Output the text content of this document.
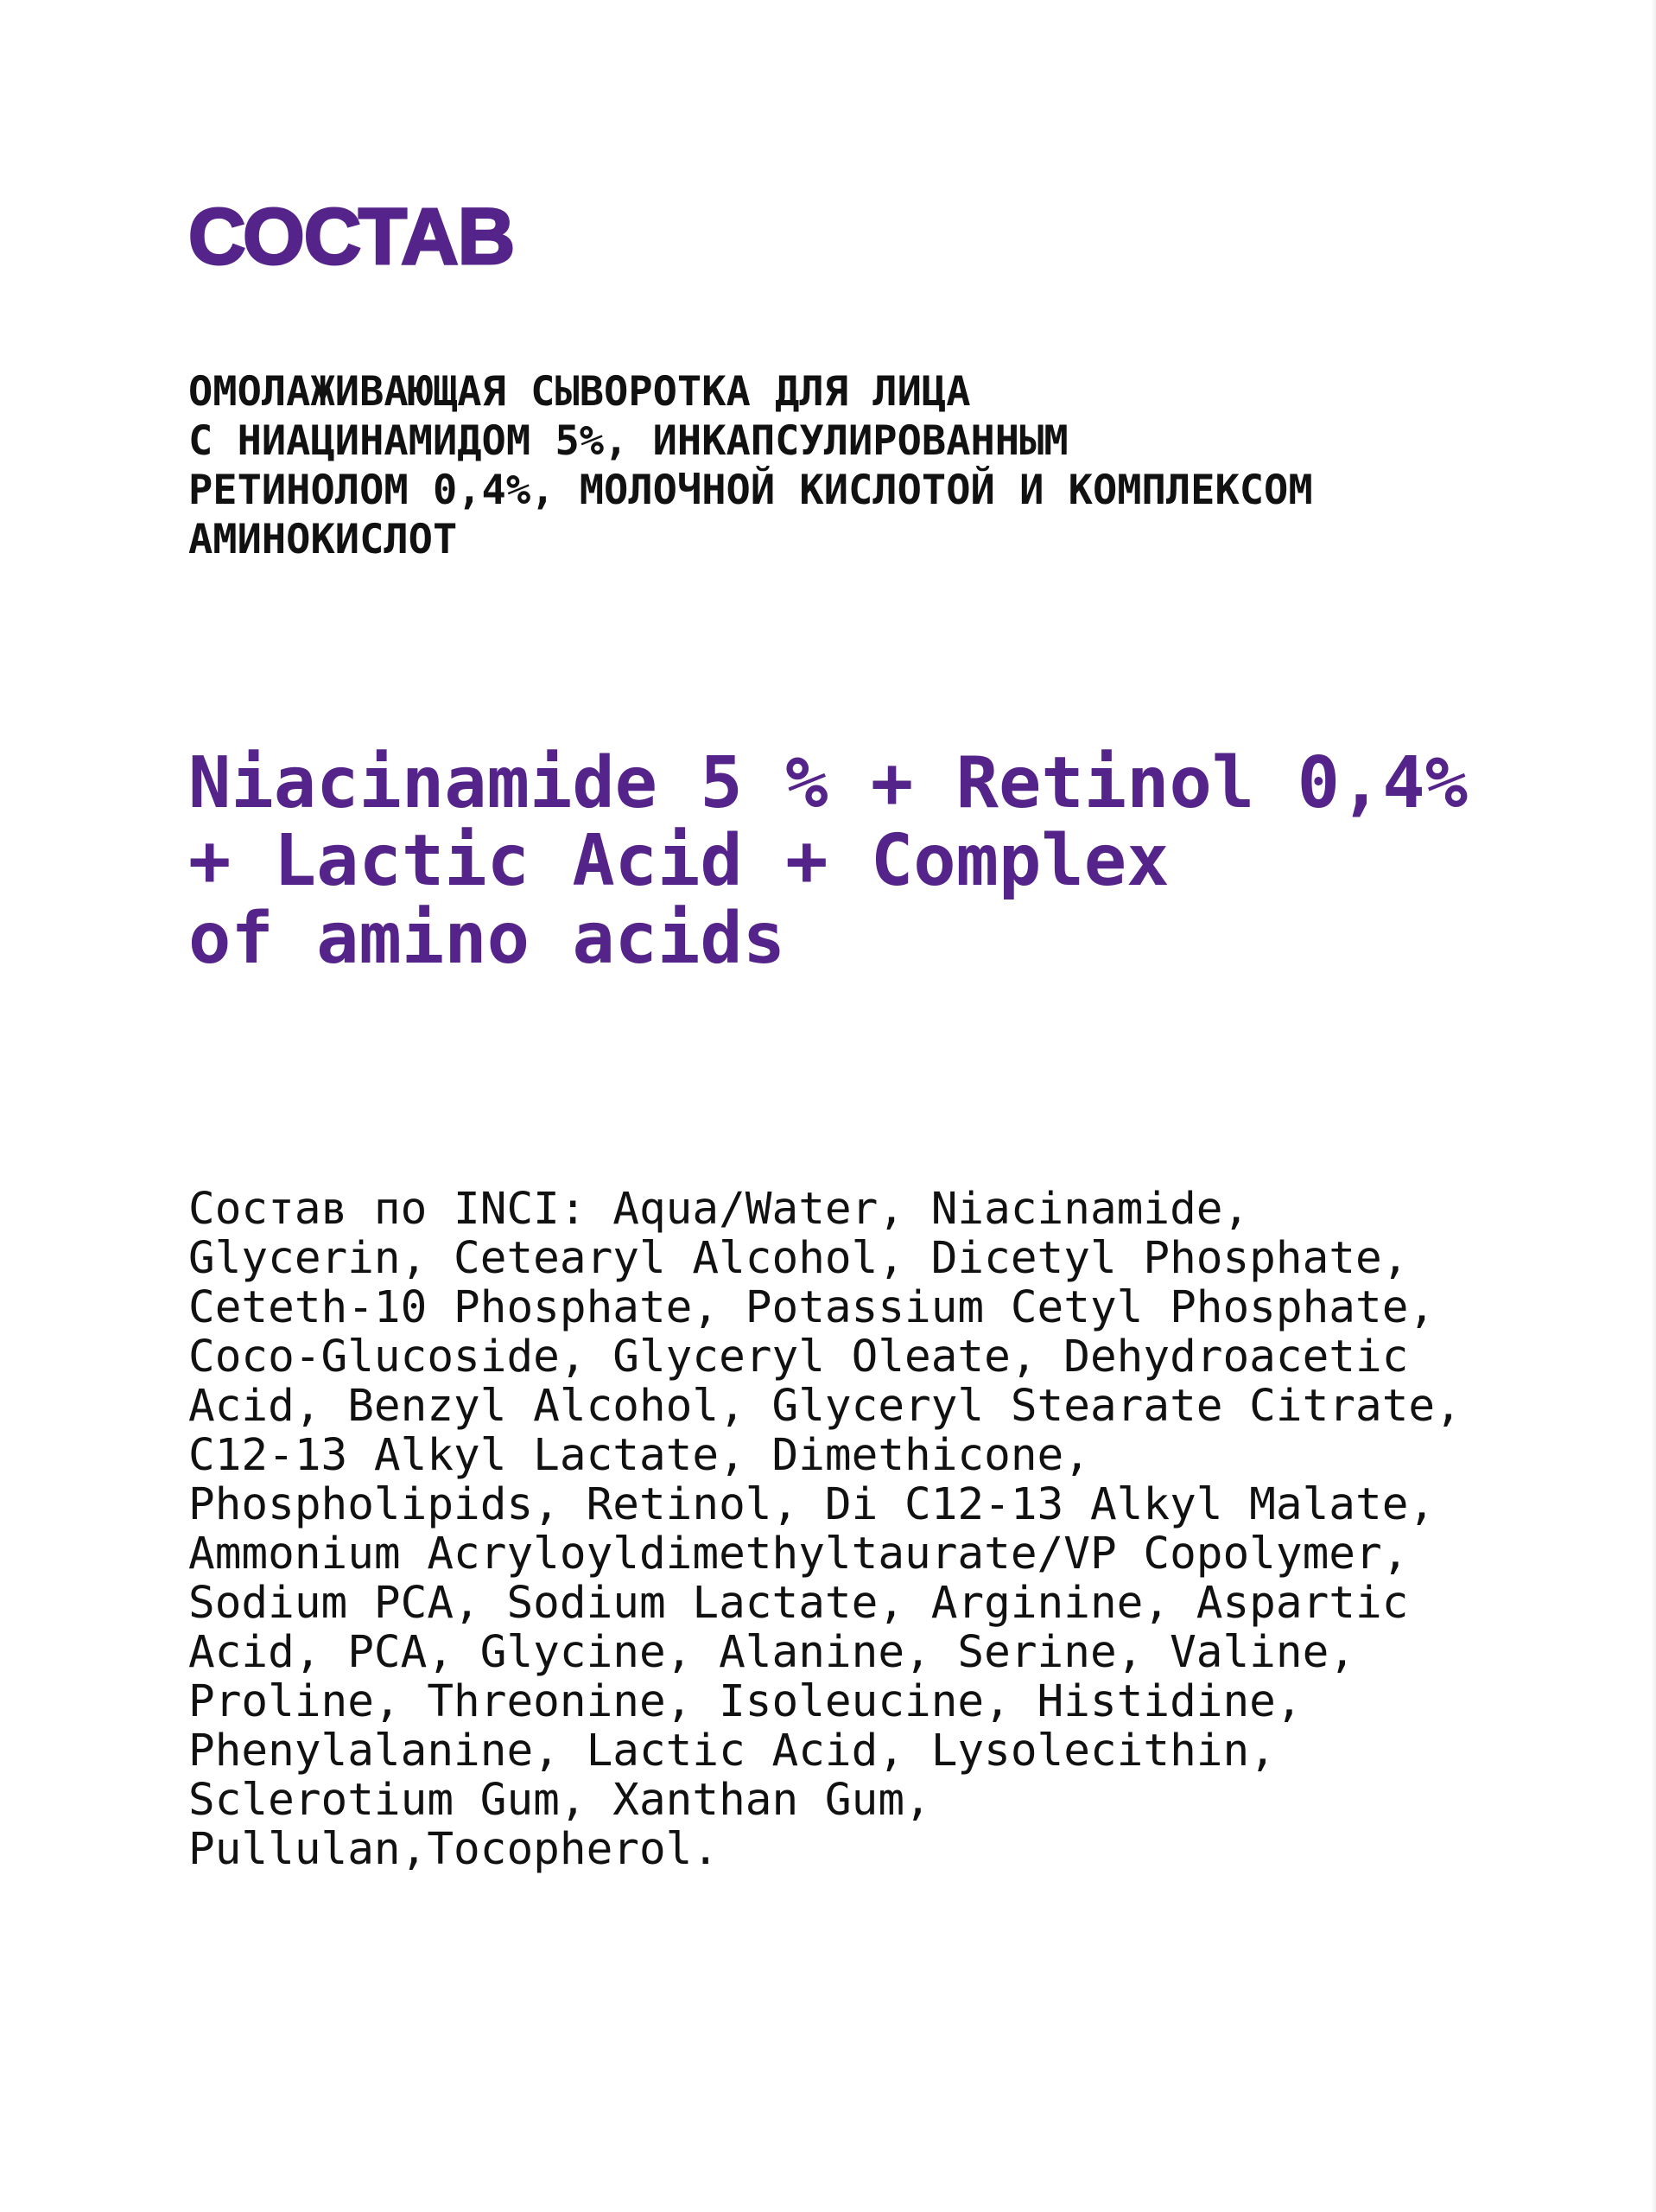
СОСТАВ

ОМОЛАЖИВАЮЩАЯ СЫВОРОТКА ДЛЯ ЛИЦА
С НИАЦИНАМИДОМ 5%, ИНКАПСУЛИРОВАННЫМ
РЕТИНОЛОМ 0,4%, МОЛОЧНОЙ КИСЛОТОЙ И КОМПЛЕКСОМ
АМИНОКИСЛОТ

Niacinamide 5 % + Retinol 0,4%
+ Lactic Acid + Complex
of amino acids

Состав по INCI: Aqua/Water, Niacinamide,
Glycerin, Cetearyl Alcohol, Dicetyl Phosphate,
Ceteth-10 Phosphate, Potassium Cetyl Phosphate,
Coco-Glucoside, Glyceryl Oleate, Dehydroacetic
Acid, Benzyl Alcohol, Glyceryl Stearate Citrate,
C12-13 Alkyl Lactate, Dimethicone,
Phospholipids, Retinol, Di C12-13 Alkyl Malate,
Ammonium Acryloyldimethyltaurate/VP Copolymer,
Sodium PCA, Sodium Lactate, Arginine, Aspartic
Acid, PCA, Glycine, Alanine, Serine, Valine,
Proline, Threonine, Isoleucine, Histidine,
Phenylalanine, Lactic Acid, Lysolecithin,
Sclerotium Gum, Xanthan Gum,
Pullulan,Tocopherol.
